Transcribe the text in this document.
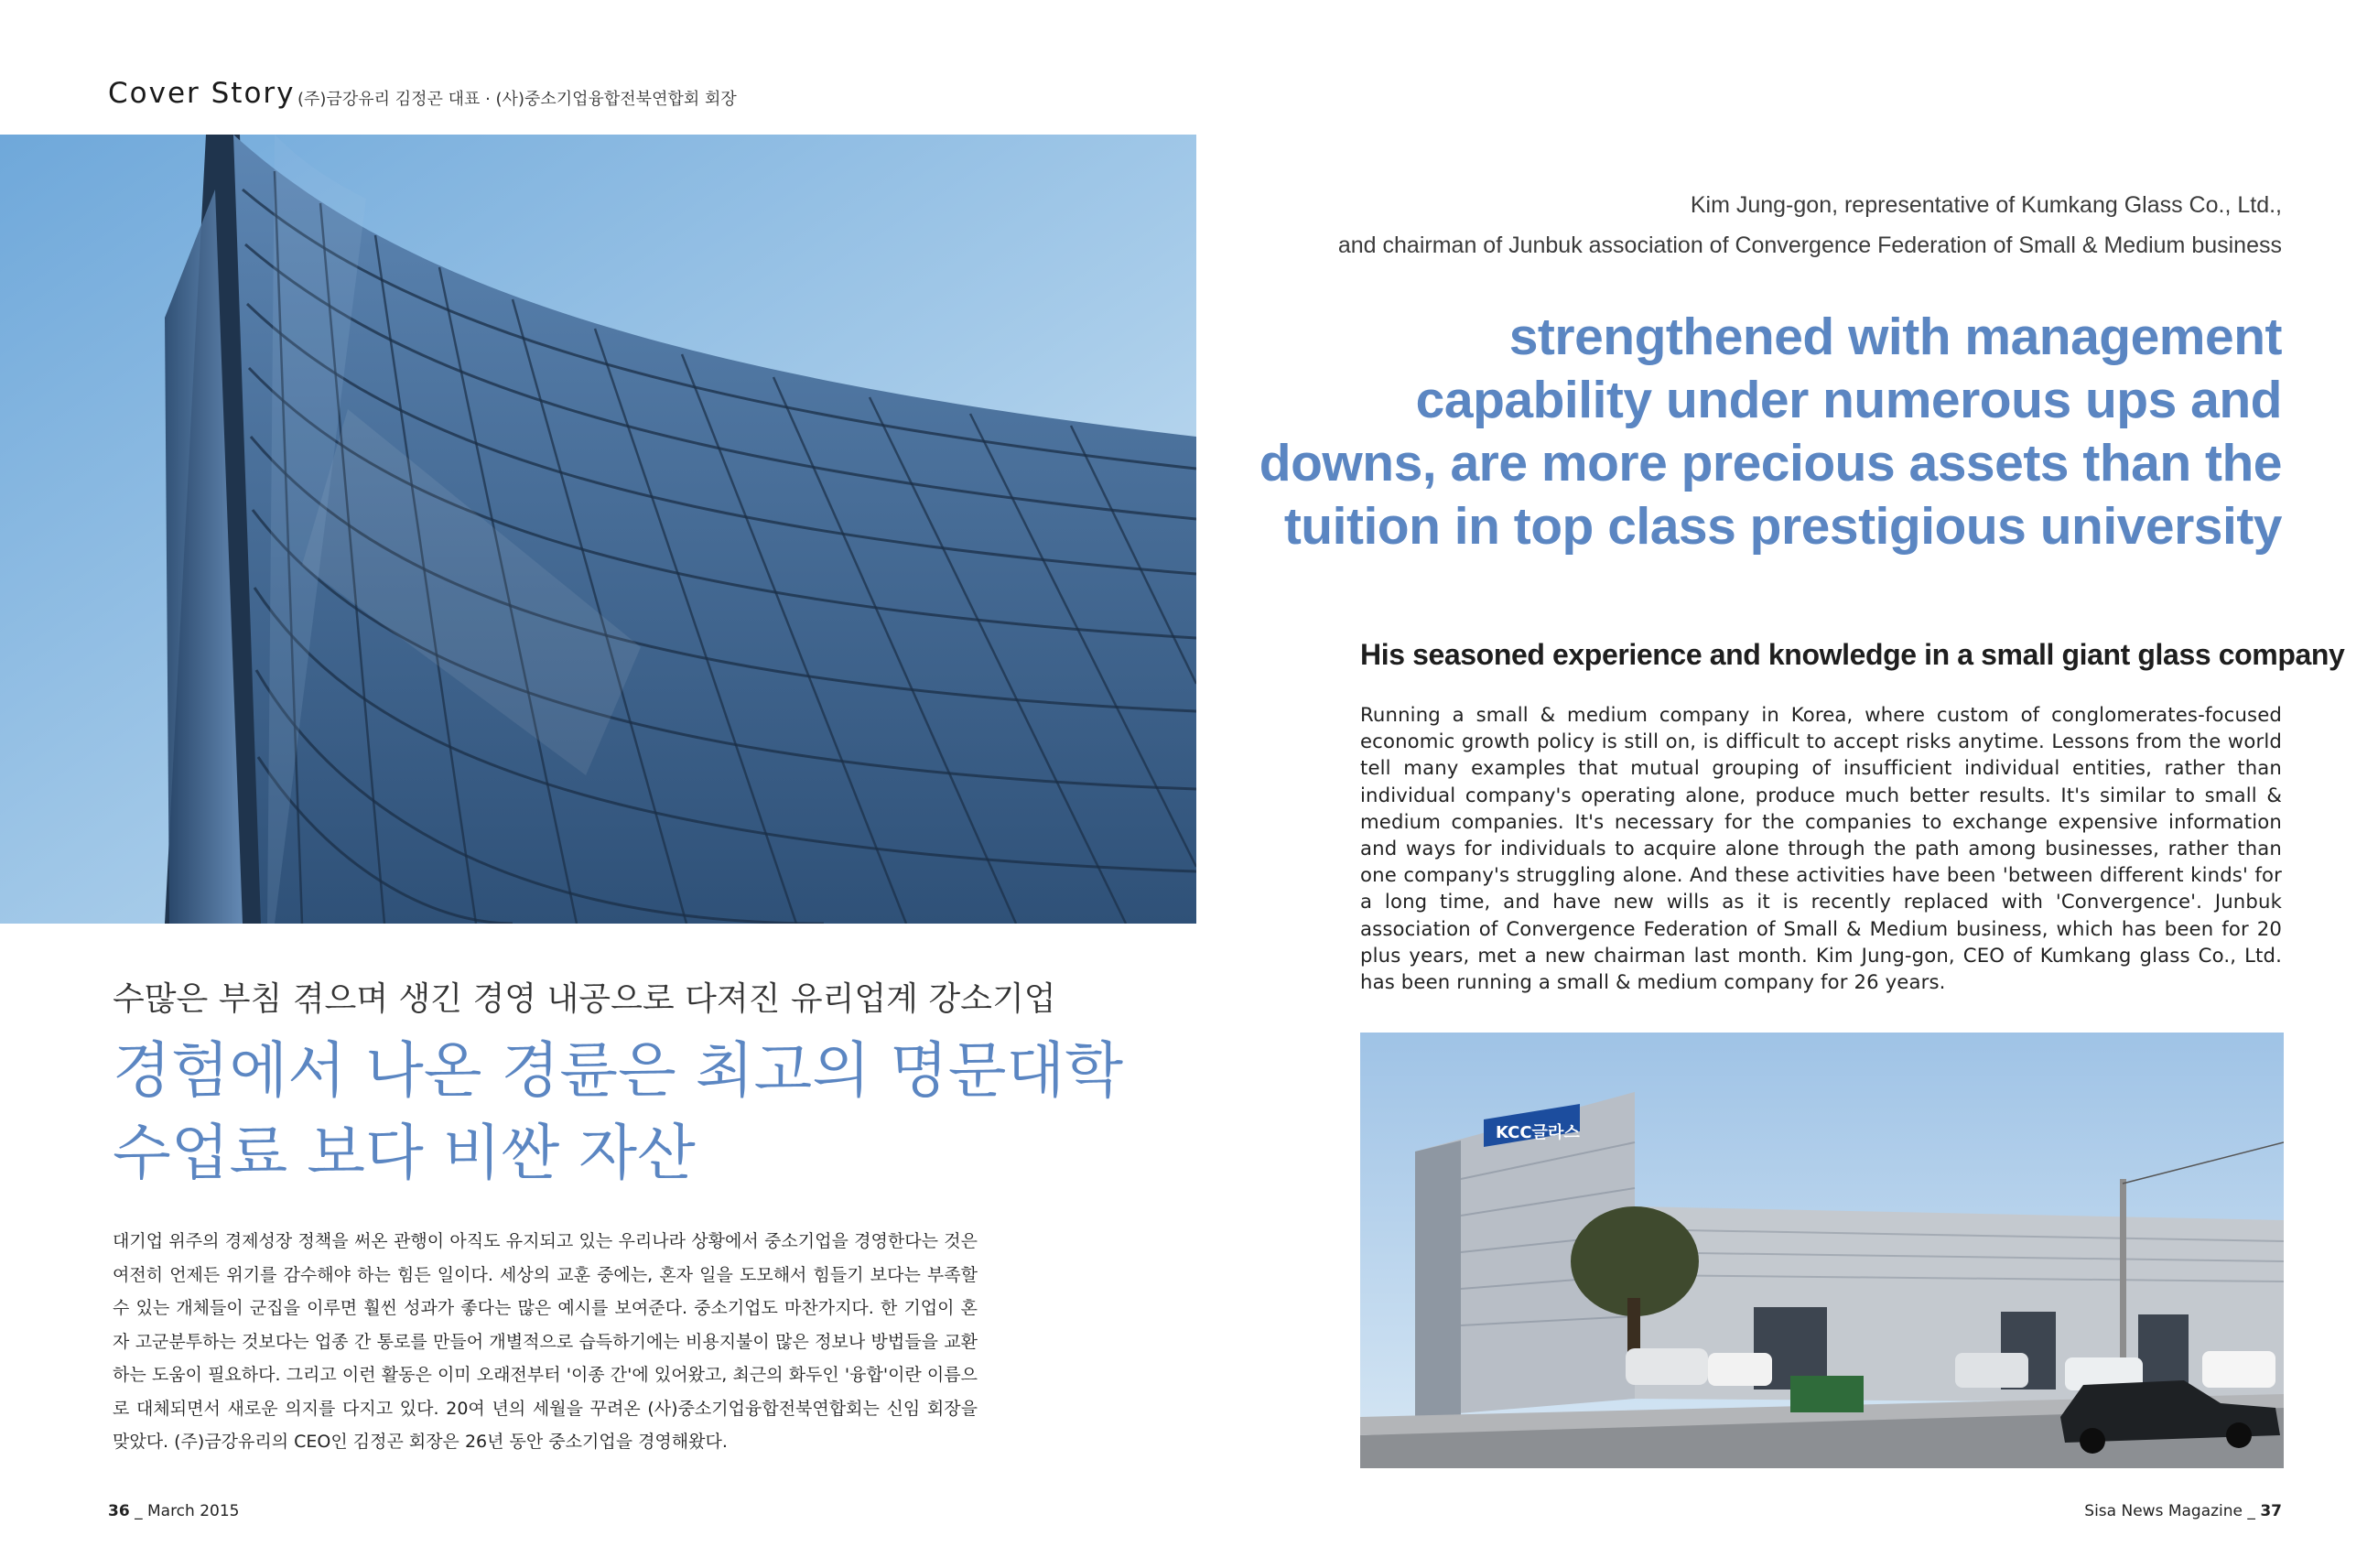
Cover Story (주)금강유리 김정곤 대표 · (사)중소기업융합전북연합회 회장
수많은 부침 겪으며 생긴 경영 내공으로 다져진 유리업계 강소기업
경험에서 나온 경륜은 최고의 명문대학
수업료 보다 비싼 자산
대기업 위주의 경제성장 정책을 써온 관행이 아직도 유지되고 있는 우리나라 상황에서 중소기업을 경영한다는 것은 여전히 언제든 위기를 감수해야 하는 힘든 일이다. 세상의 교훈 중에는, 혼자 일을 도모해서 힘들기 보다는 부족할 수 있는 개체들이 군집을 이루면 훨씬 성과가 좋다는 많은 예시를 보여준다. 중소기업도 마찬가지다. 한 기업이 혼자 고군분투하는 것보다는 업종 간 통로를 만들어 개별적으로 습득하기에는 비용지불이 많은 정보나 방법들을 교환하는 도움이 필요하다. 그리고 이런 활동은 이미 오래전부터 '이종 간'에 있어왔고, 최근의 화두인 '융합'이란 이름으로 대체되면서 새로운 의지를 다지고 있다. 20여 년의 세월을 꾸려온 (사)중소기업융합전북연합회는 신임 회장을 맞았다. (주)금강유리의 CEO인 김정곤 회장은 26년 동안 중소기업을 경영해왔다.
Kim Jung-gon, representative of Kumkang Glass Co., Ltd.,
and chairman of Junbuk association of Convergence Federation of Small & Medium business
strengthened with management
capability under numerous ups and
downs, are more precious assets than the
tuition in top class prestigious university
His seasoned experience and knowledge in a small giant glass company
Running a small & medium company in Korea, where custom of conglomerates-focused economic growth policy is still on, is difficult to accept risks anytime. Lessons from the world tell many examples that mutual grouping of insufficient individual entities, rather than individual company's operating alone, produce much better results. It's similar to small & medium companies. It's necessary for the companies to exchange expensive information and ways for individuals to acquire alone through the path among businesses, rather than one company's struggling alone. And these activities have been 'between different kinds' for a long time, and have new wills as it is recently replaced with 'Convergence'. Junbuk association of Convergence Federation of Small & Medium business, which has been for 20 plus years, met a new chairman last month. Kim Jung-gon, CEO of Kumkang glass Co., Ltd. has been running a small & medium company for 26 years.
KCC글라스
36 _ March 2015	Sisa News Magazine _ 37
